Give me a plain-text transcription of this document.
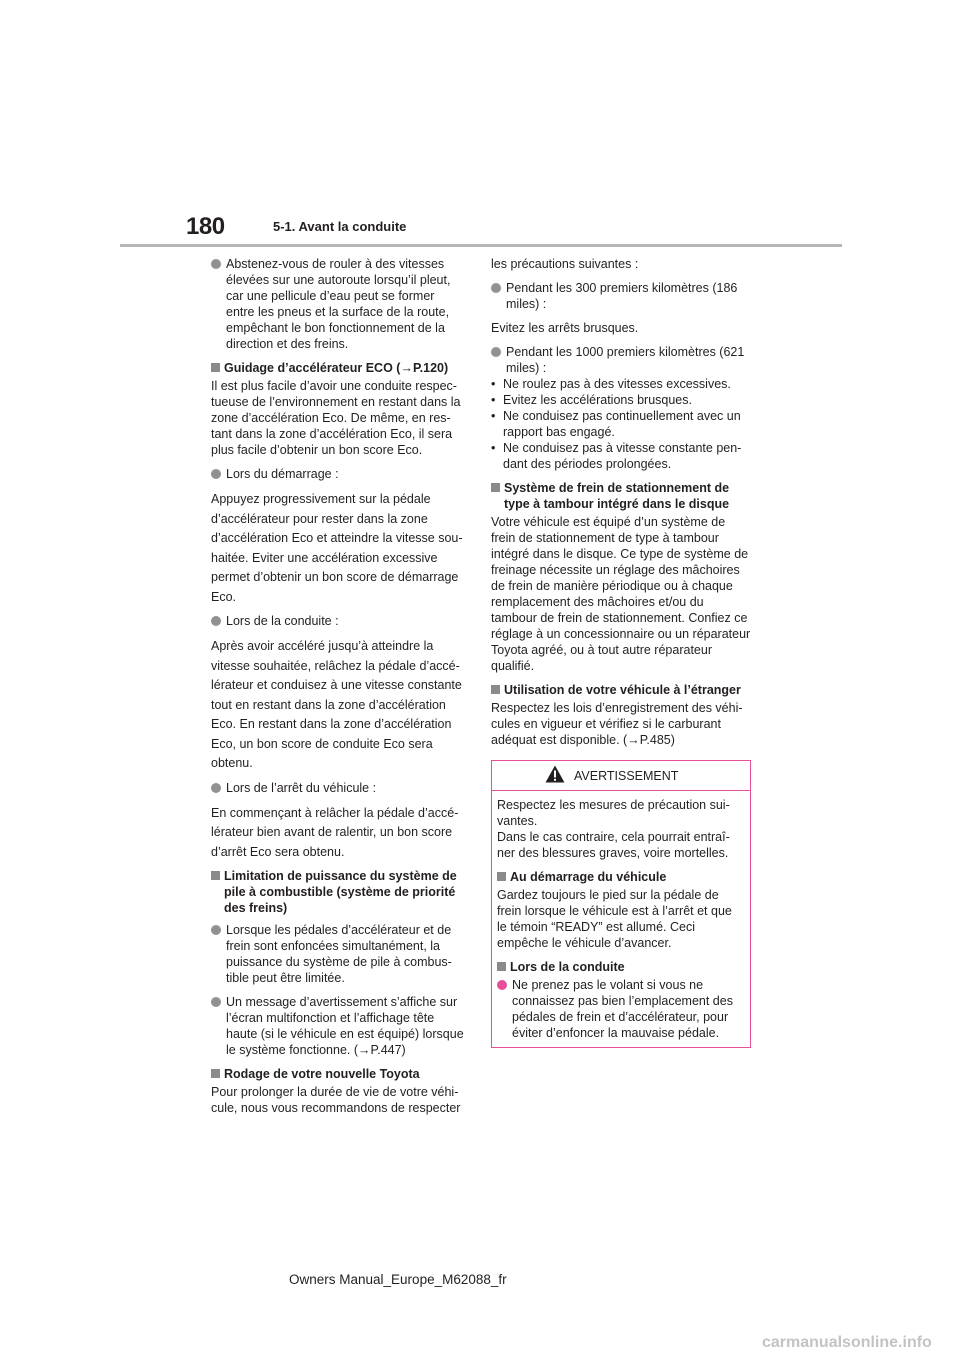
180	5-1. Avant la conduite
Abstenez-vous de rouler à des vitesses élevées sur une autoroute lorsqu’il pleut, car une pellicule d’eau peut se former entre les pneus et la surface de la route, empêchant le bon fonctionnement de la direction et des freins.
Guidage d’accélérateur ECO (→P.120)

Il est plus facile d’avoir une conduite respec-tueuse de l’environnement en restant dans la zone d’accélération Eco. De même, en res-tant dans la zone d’accélération Eco, il sera plus facile d’obtenir un bon score Eco.

Lors du démarrage :

Appuyez progressivement sur la pédale d’accélérateur pour rester dans la zone d’accélération Eco et atteindre la vitesse sou-haitée. Eviter une accélération excessive permet d’obtenir un bon score de démarrage Eco.

Lors de la conduite :

Après avoir accéléré jusqu’à atteindre la vitesse souhaitée, relâchez la pédale d’accé-lérateur et conduisez à une vitesse constante tout en restant dans la zone d’accélération Eco. En restant dans la zone d’accélération Eco, un bon score de conduite Eco sera obtenu.

Lors de l’arrêt du véhicule :

En commençant à relâcher la pédale d’accé-lérateur bien avant de ralentir, un bon score d’arrêt Eco sera obtenu.

Limitation de puissance du système de pile à combustible (système de priorité des freins)
Lorsque les pédales d’accélérateur et de frein sont enfoncées simultanément, la puissance du système de pile à combus-tible peut être limitée.
Un message d’avertissement s’affiche sur l’écran multifonction et l’affichage tête haute (si le véhicule en est équipé) lorsque le système fonctionne. (→P.447)
Rodage de votre nouvelle Toyota

Pour prolonger la durée de vie de votre véhi-cule, nous vous recommandons de respecter

les précautions suivantes :

Pendant les 300 premiers kilomètres (186 miles) :

Evitez les arrêts brusques.

Pendant les 1000 premiers kilomètres (621 miles) :
• Ne roulez pas à des vitesses excessives.
• Evitez les accélérations brusques.
• Ne conduisez pas continuellement avec un rapport bas engagé.
• Ne conduisez pas à vitesse constante pen-dant des périodes prolongées.
Système de frein de stationnement de type à tambour intégré dans le disque

Votre véhicule est équipé d’un système de frein de stationnement de type à tambour intégré dans le disque. Ce type de système de freinage nécessite un réglage des mâchoires de frein de manière périodique ou à chaque remplacement des mâchoires et/ou du tambour de frein de stationnement. Confiez ce réglage à un concessionnaire ou un réparateur Toyota agréé, ou à tout autre réparateur qualifié.

Utilisation de votre véhicule à l’étranger

Respectez les lois d’enregistrement des véhi-cules en vigueur et vérifiez si le carburant adéquat est disponible. (→P.485)

AVERTISSEMENT
Respectez les mesures de précaution sui-vantes.

Dans le cas contraire, cela pourrait entraî-ner des blessures graves, voire mortelles.

Au démarrage du véhicule

Gardez toujours le pied sur la pédale de frein lorsque le véhicule est à l’arrêt et que le témoin “READY” est allumé. Ceci empêche le véhicule d’avancer.

Lors de la conduite
Ne prenez pas le volant si vous ne connaissez pas bien l’emplacement des pédales de frein et d’accélérateur, pour éviter d’enfoncer la mauvaise pédale.
Owners Manual_Europe_M62088_fr
carmanualsonline.info
